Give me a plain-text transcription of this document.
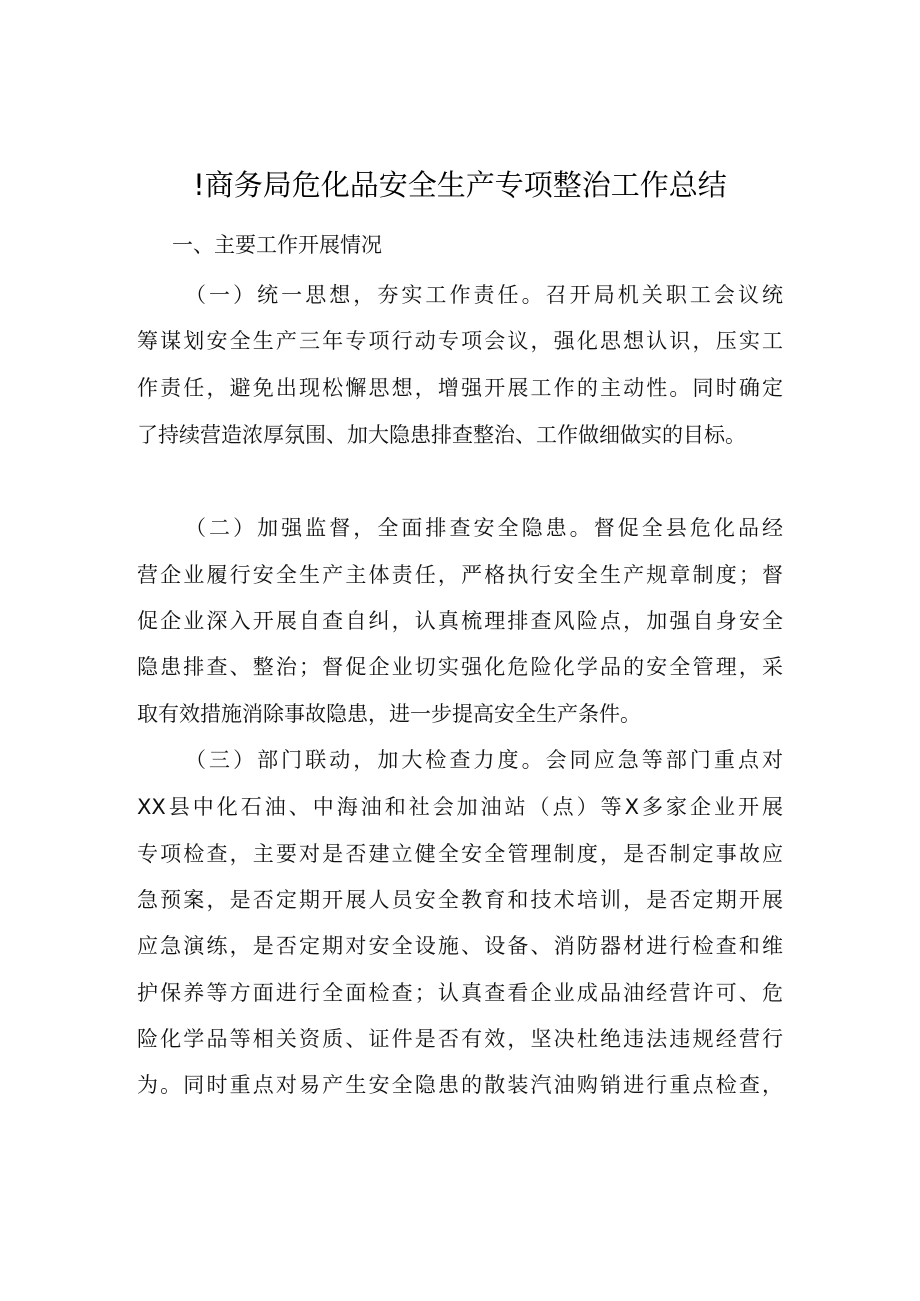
!商务局危化品安全生产专项整治工作总结
一、主要工作开展情况
（一）统一思想，夯实工作责任。召开局机关职工会议统
筹谋划安全生产三年专项行动专项会议，强化思想认识，压实工
作责任，避免出现松懈思想，增强开展工作的主动性。同时确定
了持续营造浓厚氛围、加大隐患排查整治、工作做细做实的目标。
（二）加强监督，全面排查安全隐患。督促全县危化品经
营企业履行安全生产主体责任，严格执行安全生产规章制度；督
促企业深入开展自查自纠，认真梳理排查风险点，加强自身安全
隐患排查、整治；督促企业切实强化危险化学品的安全管理，采
取有效措施消除事故隐患，进一步提高安全生产条件。
（三）部门联动，加大检查力度。会同应急等部门重点对
XX县中化石油、中海油和社会加油站（点）等X多家企业开展
专项检查，主要对是否建立健全安全管理制度，是否制定事故应
急预案，是否定期开展人员安全教育和技术培训，是否定期开展
应急演练，是否定期对安全设施、设备、消防器材进行检查和维
护保养等方面进行全面检查；认真查看企业成品油经营许可、危
险化学品等相关资质、证件是否有效，坚决杜绝违法违规经营行
为。同时重点对易产生安全隐患的散装汽油购销进行重点检查，
